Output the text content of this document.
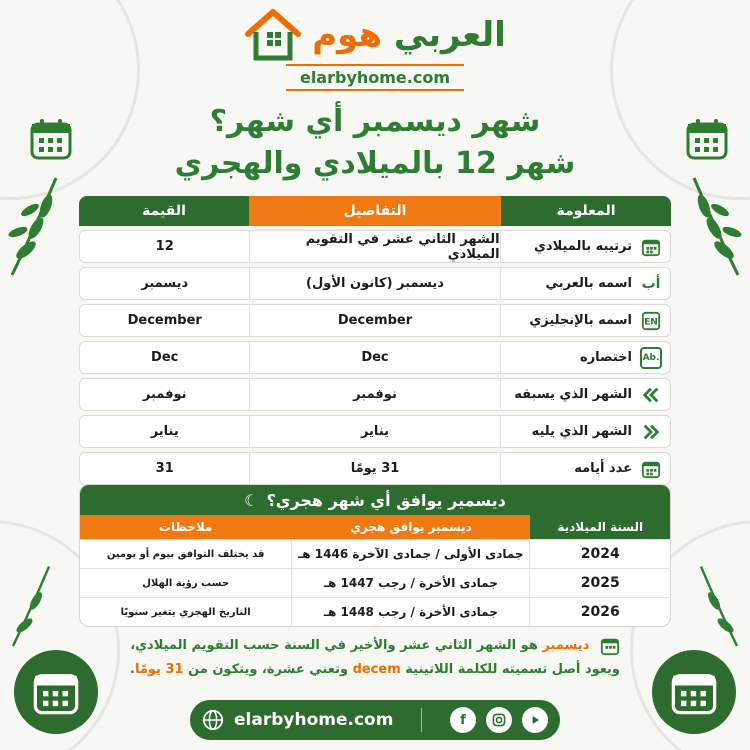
العربي هوم
elarbyhome.com
شهر ديسمبر أي شهر؟
شهر 12 بالميلادي والهجري
المعلومة
التفاصيل
القيمة
ترتيبه بالميلادي
الشهر الثاني عشر في التقويم الميلادي
12
أب
اسمه بالعربي
ديسمبر (كانون الأول)
ديسمبر
EN
اسمه بالإنجليزي
December
December
Ab.
اختصاره
Dec
Dec
الشهر الذي يسبقه
نوفمبر
نوفمبر
الشهر الذي يليه
يناير
يناير
عدد أيامه
31 يومًا
31
ديسمير يوافق أي شهر هجري؟
☾
السنة الميلادية
ديسمبر يوافق هجري
ملاحظات
2024
جمادى الأولى / جمادى الآخرة 1446 هـ
قد يختلف التوافق بيوم أو يومين
2025
جمادى الأخرة / رجب 1447 هـ
حسب رؤية الهلال
2026
جمادى الأخرة / رجب 1448 هـ
التاريخ الهجري يتغير سنويًا
ديسمبر هو الشهر الثاني عشر والأخير في السنة حسب التقويم الميلادي،
ويعود أصل تسميته للكلمة اللاتينية decem وتعني عشرة، ويتكون من 31 يومًا.
elarbyhome.com	f
